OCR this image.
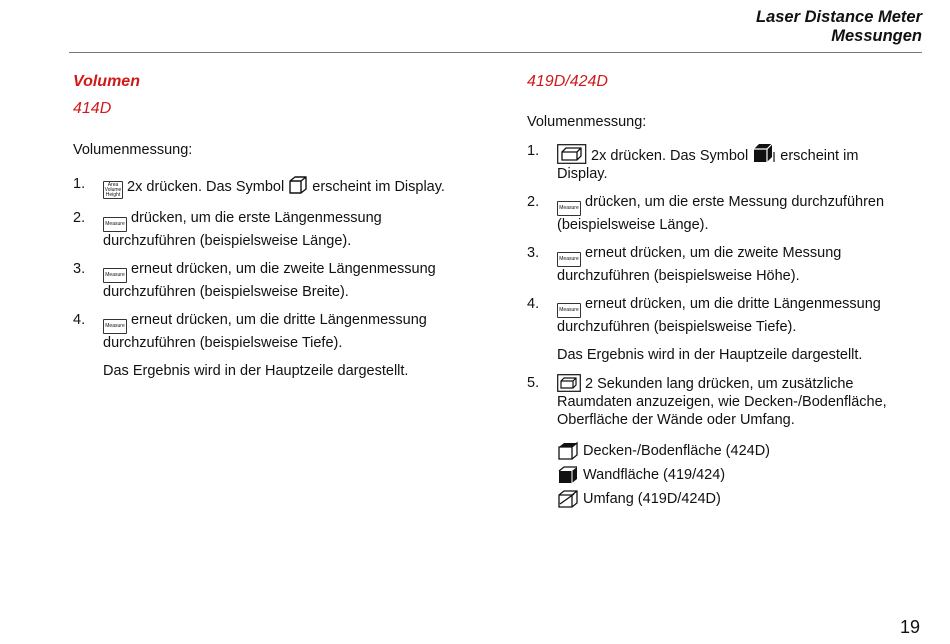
Laser Distance Meter
Messungen
Volumen
414D
Volumenmessung:
1.	Area
Volume
Height 2x drücken. Das Symbol erscheint im Display.
2.	Measure drücken, um die erste Längenmessung durchzuführen (beispielsweise Länge).
3.	Measure erneut drücken, um die zweite Längenmessung durchzuführen (beispielsweise Breite).
4.	Measure erneut drücken, um die dritte Längenmessung durchzuführen (beispielsweise Tiefe).
Das Ergebnis wird in der Hauptzeile dargestellt.
419D/424D
Volumenmessung:
1.	2x drücken. Das Symbol erscheint im Display.
2.	Measure drücken, um die erste Messung durchzuführen (beispielsweise Länge).
3.	Measure erneut drücken, um die zweite Messung durchzuführen (beispielsweise Höhe).
4.	Measure erneut drücken, um die dritte Längenmessung durchzuführen (beispielsweise Tiefe).
Das Ergebnis wird in der Hauptzeile dargestellt.
5.	2 Sekunden lang drücken, um zusätzliche Raumdaten anzuzeigen, wie Decken-/Bodenfläche, Oberfläche der Wände oder Umfang.
Decken-/Bodenfläche (424D)
Wandfläche (419/424)
Umfang (419D/424D)
19
